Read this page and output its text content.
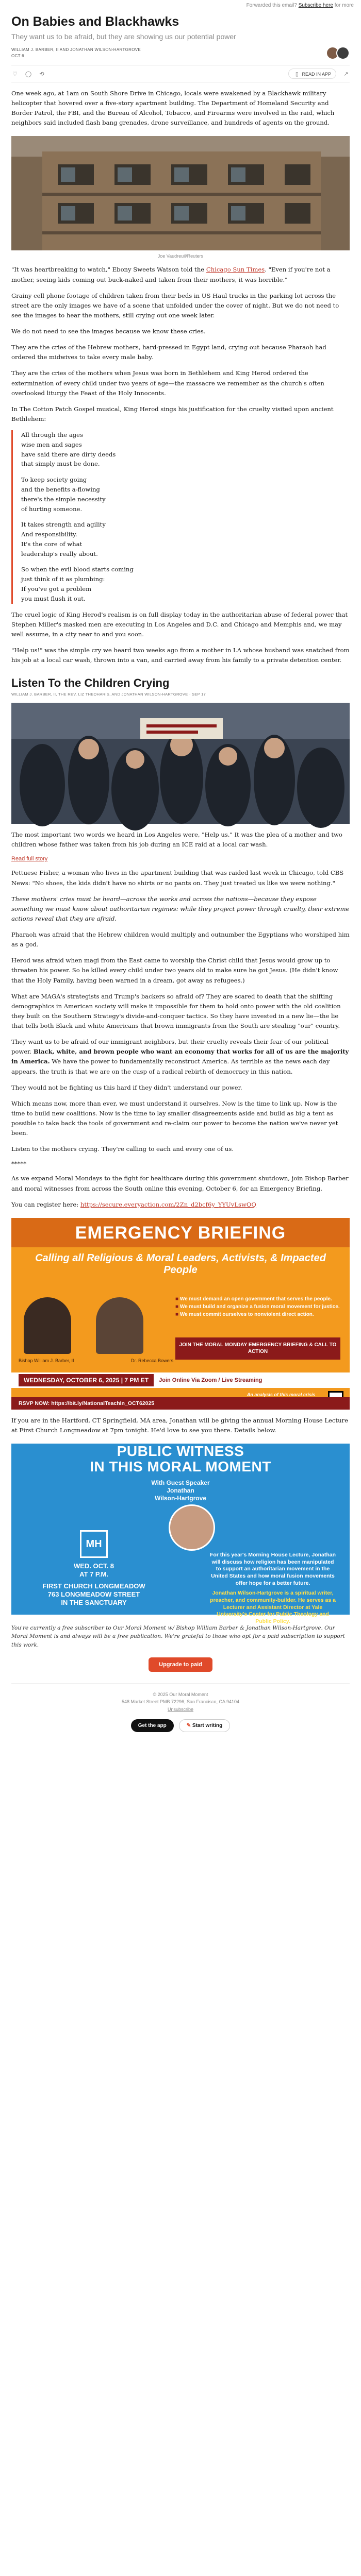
Forwarded this email? Subscribe here for more
On Babies and Blackhawks
They want us to be afraid, but they are showing us our potential power
WILLIAM J. BARBER, II AND JONATHAN WILSON-HARTGROVE
OCT 6
♡ ◯ ⟲	▯ READ IN APP	↗

One week ago, at 1am on South Shore Drive in Chicago, locals were awakened by a Blackhawk military helicopter that hovered over a five-story apartment building. The Department of Homeland Security and Border Patrol, the FBI, and the Bureau of Alcohol, Tobacco, and Firearms were involved in the raid, which neighbors said included flash bang grenades, drone surveillance, and hundreds of agents on the ground.

Joe Vaudreuil/Reuters

"It was heartbreaking to watch," Ebony Sweets Watson told the Chicago Sun Times. "Even if you're not a mother, seeing kids coming out buck-naked and taken from their mothers, it was horrible."

Grainy cell phone footage of children taken from their beds in US Haul trucks in the parking lot across the street are the only images we have of a scene that unfolded under the cover of night. But we do not need to see the images to hear the mothers, still crying out one week later.

We do not need to see the images because we know these cries.

They are the cries of the Hebrew mothers, hard-pressed in Egypt land, crying out because Pharaoh had ordered the midwives to take every male baby.

They are the cries of the mothers when Jesus was born in Bethlehem and King Herod ordered the extermination of every child under two years of age—the massacre we remember as the church's often overlooked liturgy the Feast of the Holy Innocents.

In The Cotton Patch Gospel musical, King Herod sings his justification for the cruelty visited upon ancient Bethlehem:

All through the ages
wise men and sages
have said there are dirty deeds
that simply must be done.
To keep society going
and the benefits a-flowing
there's the simple necessity
of hurting someone.
It takes strength and agility
And responsibility.
It's the core of what
leadership's really about.
So when the evil blood starts coming
just think of it as plumbing:
If you've got a problem
you must flush it out.

The cruel logic of King Herod's realism is on full display today in the authoritarian abuse of federal power that Stephen Miller's masked men are executing in Los Angeles and D.C. and Chicago and Memphis and, we may well assume, in a city near to and you soon.

"Help us!" was the simple cry we heard two weeks ago from a mother in LA whose husband was snatched from his job at a local car wash, thrown into a van, and carried away from his family to a private detention center.

Listen To the Children Crying
WILLIAM J. BARBER, II, THE REV. LIZ THEOHARIS, AND JONATHAN WILSON-HARTGROVE · SEP 17

The most important two words we heard in Los Angeles were, "Help us." It was the plea of a mother and two children whose father was taken from his job during an ICE raid at a local car wash.

Read full story

Pettuese Fisher, a woman who lives in the apartment building that was raided last week in Chicago, told CBS News: "No shoes, the kids didn't have no shirts or no pants on. They just treated us like we were nothing."

These mothers' cries must be heard—across the works and across the nations—because they expose something we must know about authoritarian regimes: while they project power through cruelty, their extreme actions reveal that they are afraid.

Pharaoh was afraid that the Hebrew children would multiply and outnumber the Egyptians who worshiped him as a god.

Herod was afraid when magi from the East came to worship the Christ child that Jesus would grow up to threaten his power. So he killed every child under two years old to make sure he got Jesus. (He didn't know that the Holy Family, having been warned in a dream, got away as refugees.)

What are MAGA's strategists and Trump's backers so afraid of? They are scared to death that the shifting demographics in American society will make it impossible for them to hold onto power with the old coalition they built on the Southern Strategy's divide-and-conquer tactics. So they have invested in a new lie—the lie that tells both Black and white Americans that brown immigrants from the South are stealing "our" country.

They want us to be afraid of our immigrant neighbors, but their cruelty reveals their fear of our political power. Black, white, and brown people who want an economy that works for all of us are the majority in America. We have the power to fundamentally reconstruct America. As terrible as the news each day appears, the truth is that we are on the cusp of a radical rebirth of democracy in this nation.

They would not be fighting us this hard if they didn't understand our power.

Which means now, more than ever, we must understand it ourselves. Now is the time to link up. Now is the time to build new coalitions. Now is the time to lay smaller disagreements aside and build as big a tent as possible to take back the tools of government and re-claim our power to become the nation we've never yet been.

Listen to the mothers crying. They're calling to each and every one of us.

*****

As we expand Moral Mondays to the fight for healthcare during this government shutdown, join Bishop Barber and moral witnesses from across the South online this evening, October 6, for an Emergency Briefing.

You can register here: https://secure.everyaction.com/2Zn_d2bcf6y_YYUvLswOQ

EMERGENCY BRIEFING
Calling all Religious & Moral Leaders, Activists, & Impacted People
■ We must demand an open government that serves the people.
■ We must build and organize a fusion moral movement for justice.
■ We must commit ourselves to nonviolent direct action.
JOIN THE MORAL MONDAY EMERGENCY BRIEFING & CALL TO ACTION
Bishop William J. Barber, II	Dr. Rebecca Bowers
WEDNESDAY, OCTOBER 6, 2025 | 7 PM ET	Join Online Via Zoom / Live Streaming
An analysis of this moral crisis

RSVP NOW: https://bit.ly/NationalTeachIn_OCT62025

If you are in the Hartford, CT Springfield, MA area, Jonathan will be giving the annual Morning House Lecture at First Church Longmeadow at 7pm tonight. He'd love to see you there. Details below.

PUBLIC WITNESS
IN THIS MORAL MOMENT
With Guest Speaker
Jonathan
Wilson-Hartgrove
MH
WED. OCT. 8
AT 7 P.M.
FIRST CHURCH LONGMEADOW
763 LONGMEADOW STREET
IN THE SANCTUARY
For this year's Morning House Lecture, Jonathan will discuss how religion has been manipulated to support an authoritarian movement in the United States and how moral fusion movements offer hope for a better future.
Jonathan Wilson-Hartgrove is a spiritual writer, preacher, and community-builder. He serves as a Lecturer and Assistant Director at Yale University's Center for Public Theology and Public Policy.

You're currently a free subscriber to Our Moral Moment w/ Bishop William Barber & Jonathan Wilson-Hartgrove. Our Moral Moment is and always will be a free publication. We're grateful to those who opt for a paid subscription to support this work.

Upgrade to paid
© 2025 Our Moral Moment
548 Market Street PMB 72296, San Francisco, CA 94104
Unsubscribe
Get the app	✎ Start writing
